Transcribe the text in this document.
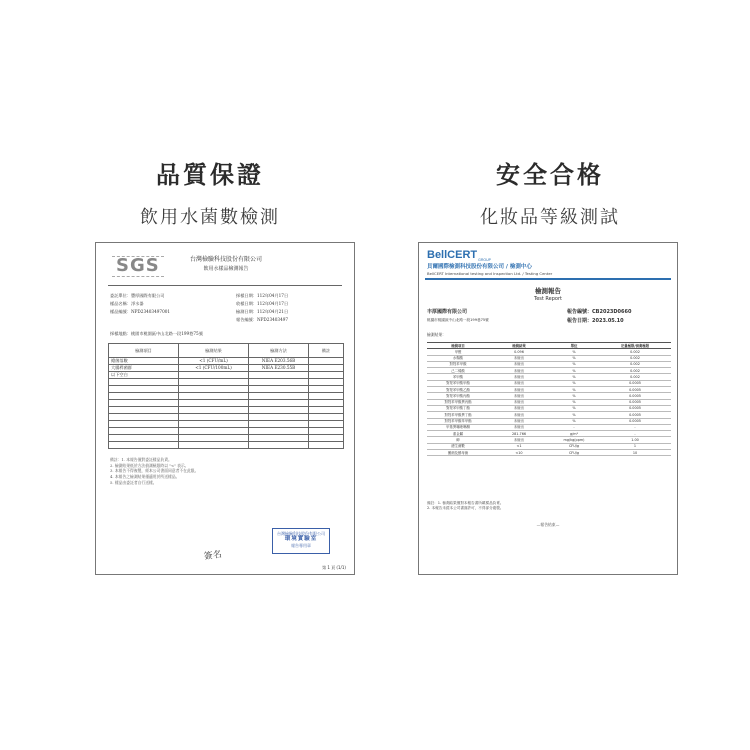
品質保證
飲用水菌數檢測
安全合格
化妝品等級測試
SGS	台灣檢驗科技股份有限公司
飲用水樣品檢測報告
委託單位：豐厚國際有限公司
樣品名稱：淨水器
樣品編號：NPD23403497001
採樣地點：桃園市桃園區中山北路一段199巷75號
採樣日期：112年04月17日
收樣日期：112年04月17日
檢測日期：112年04月21日
報告編號：NPD23403497
檢測項目	檢測結果	檢測方法	備註
總菌落數	<1 (CFU/mL)	NIEA E203.56B	
大腸桿菌群	<1 (CFU/100mL)	NIEA E230.55B	
以下空白			

備註：1. 本報告僅對委託樣品負責。
2. 檢測結果低於方法偵測極限時以 "<" 表示。
3. 本報告不得複製，經本公司書面同意者不在此限。
4. 本報告之檢測結果僅適用於所送樣品。
5. 樣品由委託者自行送樣。
台灣檢驗科技股份有限公司
環境實驗室
報告專用章
簽名
第 1 頁 (1/1)
BellCERTGROUP
貝爾國際檢測科技股份有限公司 / 檢測中心
BellCERT International testing and Inspection Ltd. / Testing Center
檢測報告
Test Report
丰厚國際有限公司
桃園市桃園區中山北路一段199巷75號
報告編號：CB2023D0660
報告日期：2023.05.10
檢測結果：
檢測項目	檢測結果	單位	定量極限/偵測極限
甲醛	0.096	%	0.002
水楊酸	未檢出	%	0.002
對羥苯甲酸	未檢出	%	0.002
己二烯酸	未檢出	%	0.002
苯甲酸	未檢出	%	0.002
對羥苯甲酸甲酯	未檢出	%	0.0005
對羥苯甲酸乙酯	未檢出	%	0.0005
對羥苯甲酸丙酯	未檢出	%	0.0005
對羥苯甲酸異丙酯	未檢出	%	0.0005
對羥苯甲酸丁酯	未檢出	%	0.0005
對羥苯甲酸異丁酯	未檢出	%	0.0005
對羥苯甲酸苯甲酯	未檢出	%	0.0005
甲基異噻唑啉酮	未檢出	-	-
重金屬	281.766	g/m³	-
砷	未檢出	mg/kg(ppm)	1.00
總生菌數	<1	CFU/g	1
黴菌及酵母菌	<10	CFU/g	10
備註：1. 檢測結果僅對本報告書所載樣品負責。
2. 本報告未經本公司書面許可，不得部分複製。
—報告結束—
